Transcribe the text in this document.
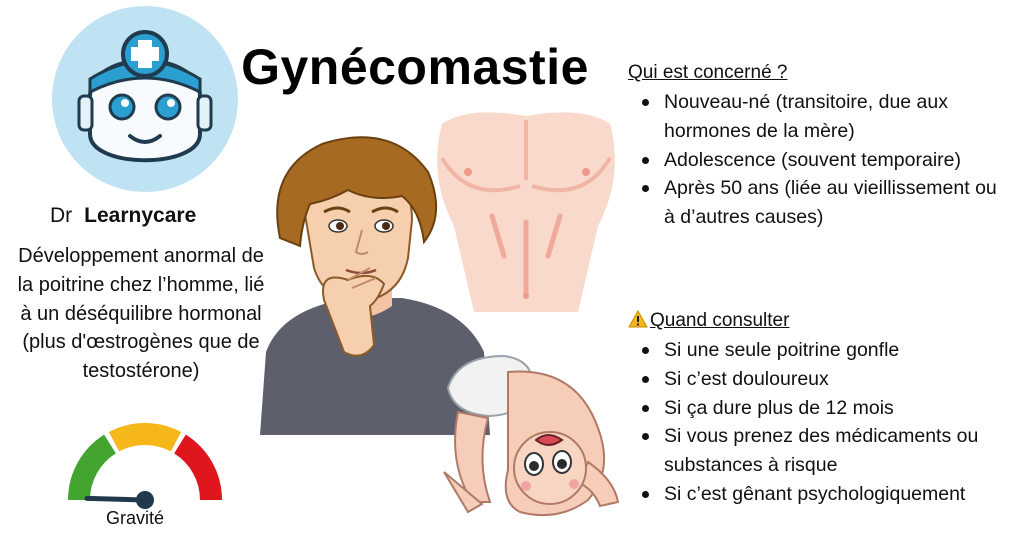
Gynécomastie
Dr Learnycare
Développement anormal de la poitrine chez l’homme, lié à un déséquilibre hormonal (plus d'œstrogènes que de testostérone)
Gravité
Qui est concerné ?
Nouveau-né (transitoire, due aux hormones de la mère)
Adolescence (souvent temporaire)
Après 50 ans (liée au vieillissement ou à d’autres causes)
Quand consulter
Si une seule poitrine gonfle
Si c’est douloureux
Si ça dure plus de 12 mois
Si vous prenez des médicaments ou substances à risque
Si c’est gênant psychologiquement
